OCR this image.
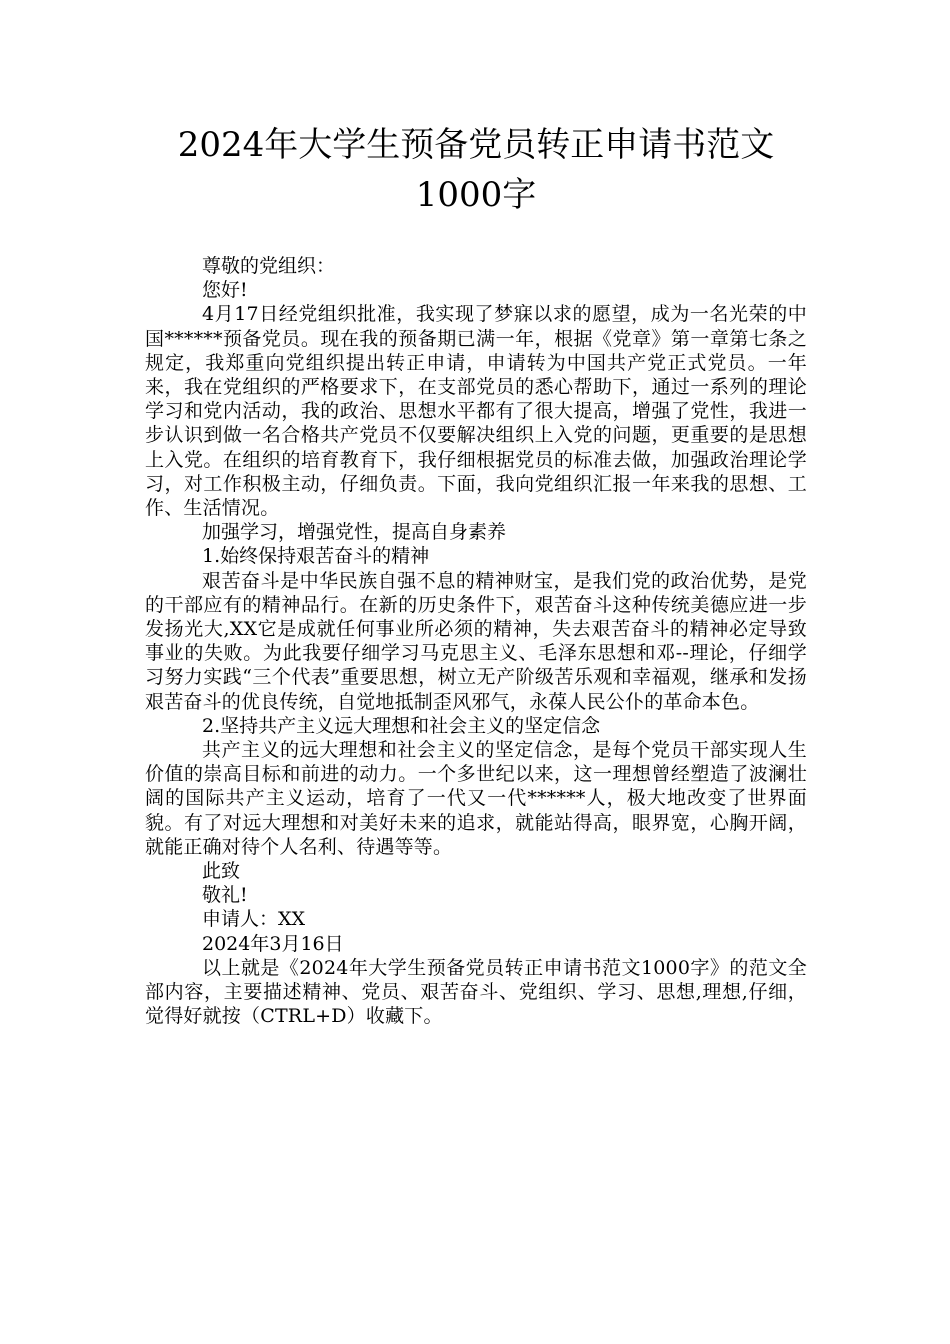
2024年大学生预备党员转正申请书范文
1000字

尊敬的党组织：

您好!

4月17日经党组织批准，我实现了梦寐以求的愿望，成为一名光荣的中国******预备党员。现在我的预备期已满一年，根据《党章》第一章第七条之规定，我郑重向党组织提出转正申请，申请转为中国共产党正式党员。一年来，我在党组织的严格要求下，在支部党员的悉心帮助下，通过一系列的理论学习和党内活动，我的政治、思想水平都有了很大提高，增强了党性，我进一步认识到做一名合格共产党员不仅要解决组织上入党的问题，更重要的是思想上入党。在组织的培育教育下，我仔细根据党员的标准去做，加强政治理论学习，对工作积极主动，仔细负责。下面，我向党组织汇报一年来我的思想、工作、生活情况。

加强学习，增强党性，提高自身素养

1.始终保持艰苦奋斗的精神

艰苦奋斗是中华民族自强不息的精神财宝，是我们党的政治优势，是党的干部应有的精神品行。在新的历史条件下，艰苦奋斗这种传统美德应进一步发扬光大,XX它是成就任何事业所必须的精神，失去艰苦奋斗的精神必定导致事业的失败。为此我要仔细学习马克思主义、毛泽东思想和邓--理论，仔细学习努力实践“三个代表”重要思想，树立无产阶级苦乐观和幸福观，继承和发扬艰苦奋斗的优良传统，自觉地抵制歪风邪气，永葆人民公仆的革命本色。

2.坚持共产主义远大理想和社会主义的坚定信念

共产主义的远大理想和社会主义的坚定信念，是每个党员干部实现人生价值的崇高目标和前进的动力。一个多世纪以来，这一理想曾经塑造了波澜壮阔的国际共产主义运动，培育了一代又一代******人，极大地改变了世界面貌。有了对远大理想和对美好未来的追求，就能站得高，眼界宽，心胸开阔，就能正确对待个人名利、待遇等等。

此致

敬礼!

申请人：XX

2024年3月16日

以上就是《2024年大学生预备党员转正申请书范文1000字》的范文全部内容，主要描述精神、党员、艰苦奋斗、党组织、学习、思想,理想,仔细，觉得好就按（CTRL+D）收藏下。
